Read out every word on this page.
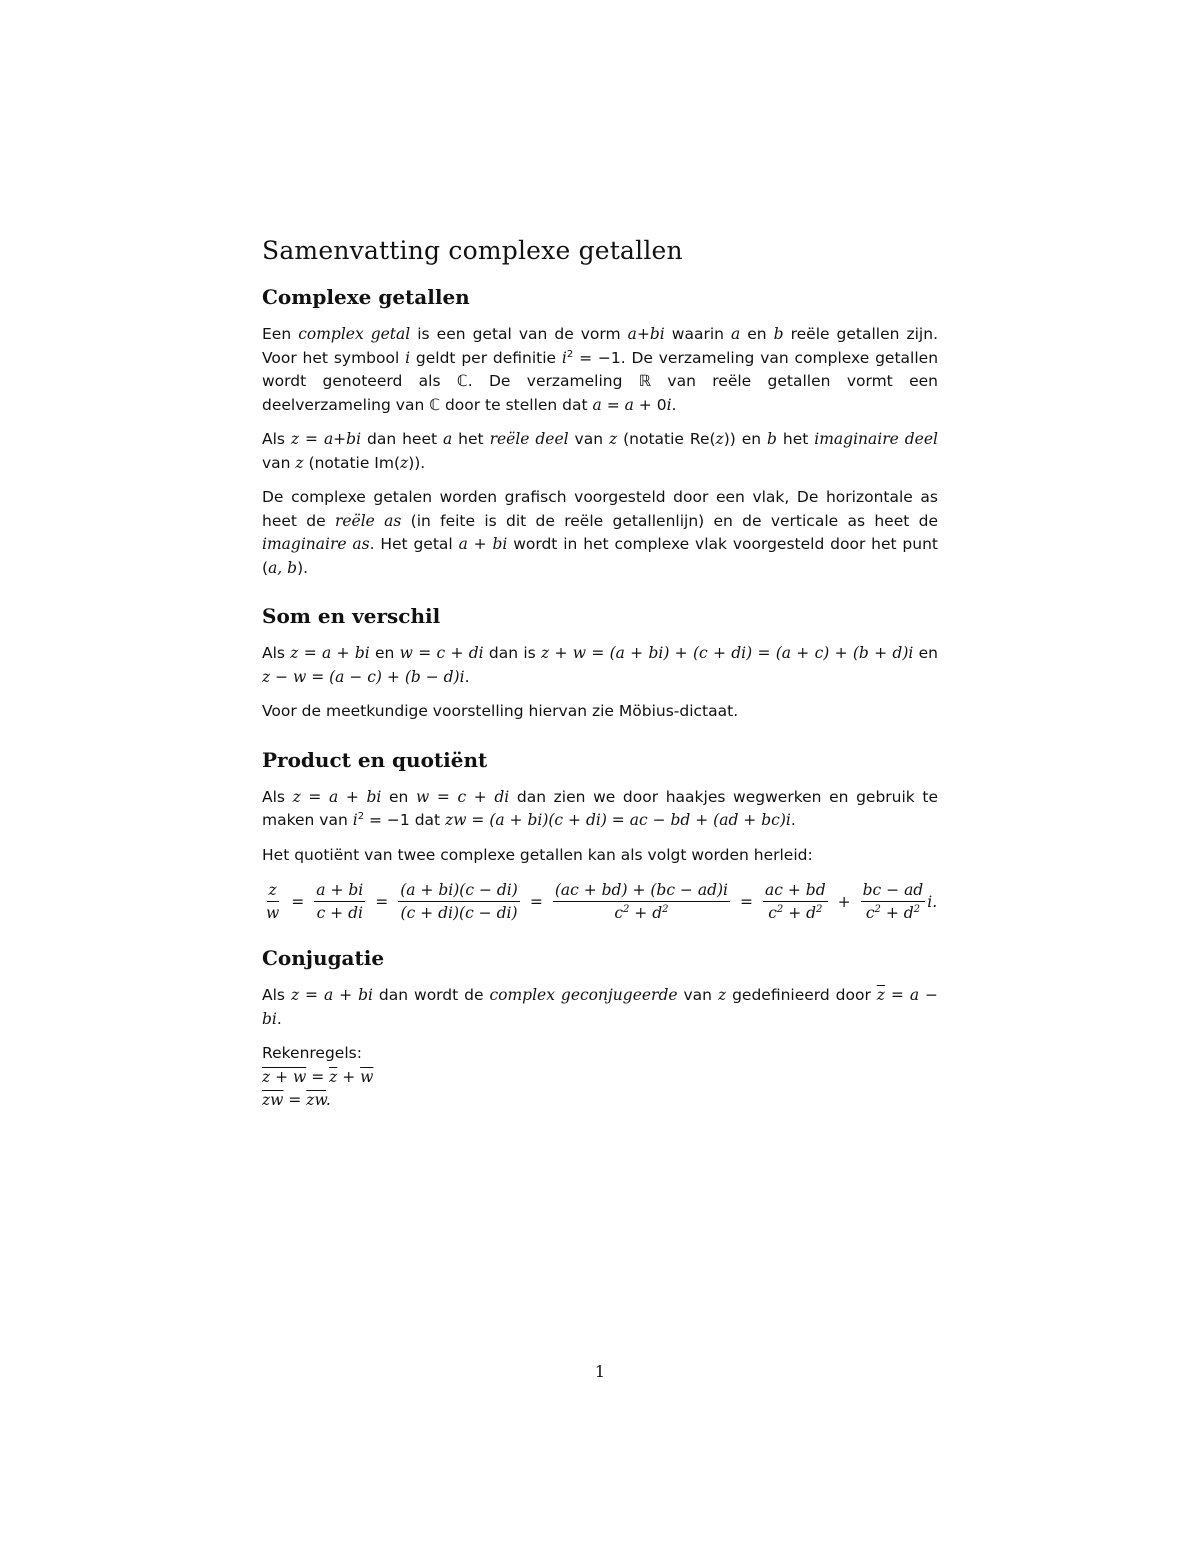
Samenvatting complexe getallen
Complexe getallen

Een complex getal is een getal van de vorm a+bi waarin a en b reële getallen zijn. Voor het symbool i geldt per definitie $i^2 = -1$. De verzameling van complexe getallen wordt genoteerd als ℂ. De verzameling ℝ van reële getallen vormt een deelverzameling van ℂ door te stellen dat a = a + 0i.

Als z = a+bi dan heet a het reële deel van z (notatie Re(z)) en b het imaginaire deel van z (notatie Im(z)).

De complexe getalen worden grafisch voorgesteld door een vlak, De horizontale as heet de reële as (in feite is dit de reële getallenlijn) en de verticale as heet de imaginaire as. Het getal a + bi wordt in het complexe vlak voorgesteld door het punt (a, b).

Som en verschil

Als z = a + bi en w = c + di dan is z + w = (a + bi) + (c + di) = (a + c) + (b + d)i en z − w = (a − c) + (b − d)i.

Voor de meetkundige voorstelling hiervan zie Möbius-dictaat.

Product en quotiënt

Als z = a + bi en w = c + di dan zien we door haakjes wegwerken en gebruik te maken van $i^2 = -1$ dat zw = (a + bi)(c + di) = ac − bd + (ad + bc)i.

Het quotiënt van twee complexe getallen kan als volgt worden herleid:

$\frac{z}{w} = \frac{a + bi}{c + di} = \frac{(a + bi)(c - di)}{(c + di)(c - di)} = \frac{(ac + bd) + (bc - ad)i}{c^2 + d^2} = \frac{ac + bd}{c^2 + d^2} + \frac{bc - ad}{c^2 + d^2} i$.
Conjugatie

Als z = a + bi dan wordt de complex geconjugeerde van z gedefinieerd door $\overline{z} = a$ − bi.

Rekenregels:

$z + w = \overline{z} + \overline{w}$

$\overline{zw} = \overline{z}\overline{w}$.

1
